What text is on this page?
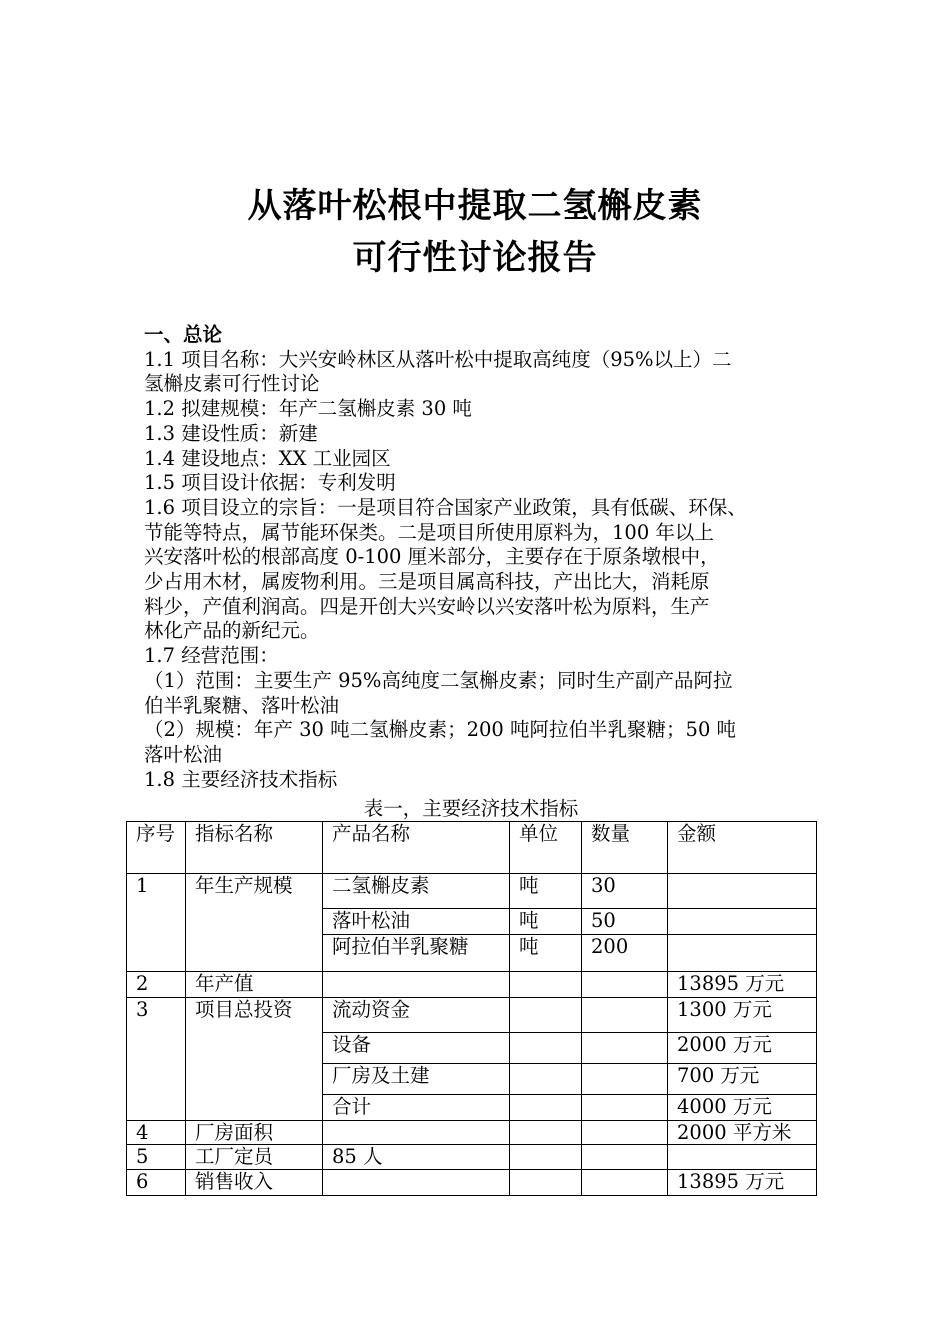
从落叶松根中提取二氢槲皮素
可行性讨论报告

一、总论

1.1 项目名称：大兴安岭林区从落叶松中提取高纯度（95%以上）二

氢槲皮素可行性讨论

1.2 拟建规模：年产二氢槲皮素 30 吨

1.3 建设性质：新建

1.4 建设地点：XX 工业园区

1.5 项目设计依据：专利发明

1.6 项目设立的宗旨：一是项目符合国家产业政策，具有低碳、环保、

节能等特点，属节能环保类。二是项目所使用原料为，100 年以上

兴安落叶松的根部高度 0-100 厘米部分，主要存在于原条墩根中，

少占用木材，属废物利用。三是项目属高科技，产出比大，消耗原

料少，产值利润高。四是开创大兴安岭以兴安落叶松为原料，生产

林化产品的新纪元。

1.7 经营范围：

（1）范围：主要生产 95%高纯度二氢槲皮素；同时生产副产品阿拉

伯半乳聚糖、落叶松油

（2）规模：年产 30 吨二氢槲皮素；200 吨阿拉伯半乳聚糖；50 吨

落叶松油

1.8 主要经济技术指标

表一，主要经济技术指标
序号	指标名称	产品名称	单位	数量	金额
1	年生产规模	二氢槲皮素	吨	30	
		落叶松油	吨	50	
		阿拉伯半乳聚糖	吨	200	
2	年产值				13895 万元
3	项目总投资	流动资金			1300 万元
		设备			2000 万元
		厂房及土建			700 万元
		合计			4000 万元
4	厂房面积				2000 平方米
5	工厂定员	85 人			
6	销售收入				13895 万元
